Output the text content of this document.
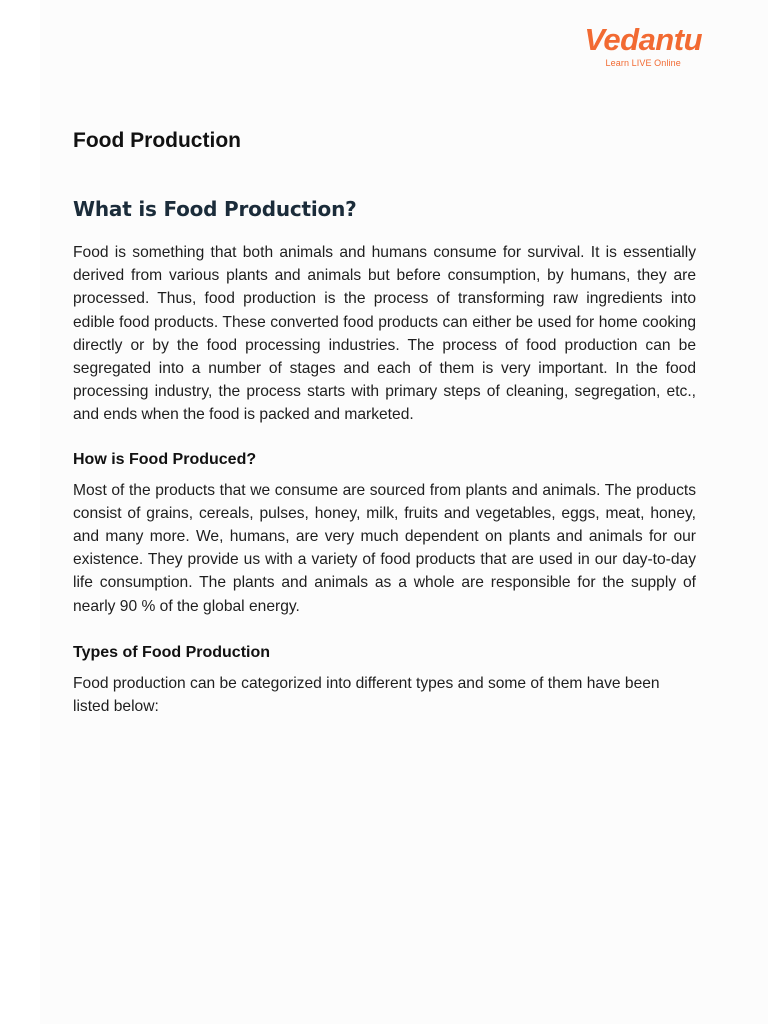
Vedantu
Learn LIVE Online
Food Production
What is Food Production?

Food is something that both animals and humans consume for survival. It is essentially derived from various plants and animals but before consumption, by humans, they are processed. Thus, food production is the process of transforming raw ingredients into edible food products. These converted food products can either be used for home cooking directly or by the food processing industries. The process of food production can be segregated into a number of stages and each of them is very important. In the food processing industry, the process starts with primary steps of cleaning, segregation, etc., and ends when the food is packed and marketed.

How is Food Produced?

Most of the products that we consume are sourced from plants and animals. The products consist of grains, cereals, pulses, honey, milk, fruits and vegetables, eggs, meat, honey, and many more. We, humans, are very much dependent on plants and animals for our existence. They provide us with a variety of food products that are used in our day-to-day life consumption. The plants and animals as a whole are responsible for the supply of nearly 90 % of the global energy.

Types of Food Production

Food production can be categorized into different types and some of them have been listed below:
